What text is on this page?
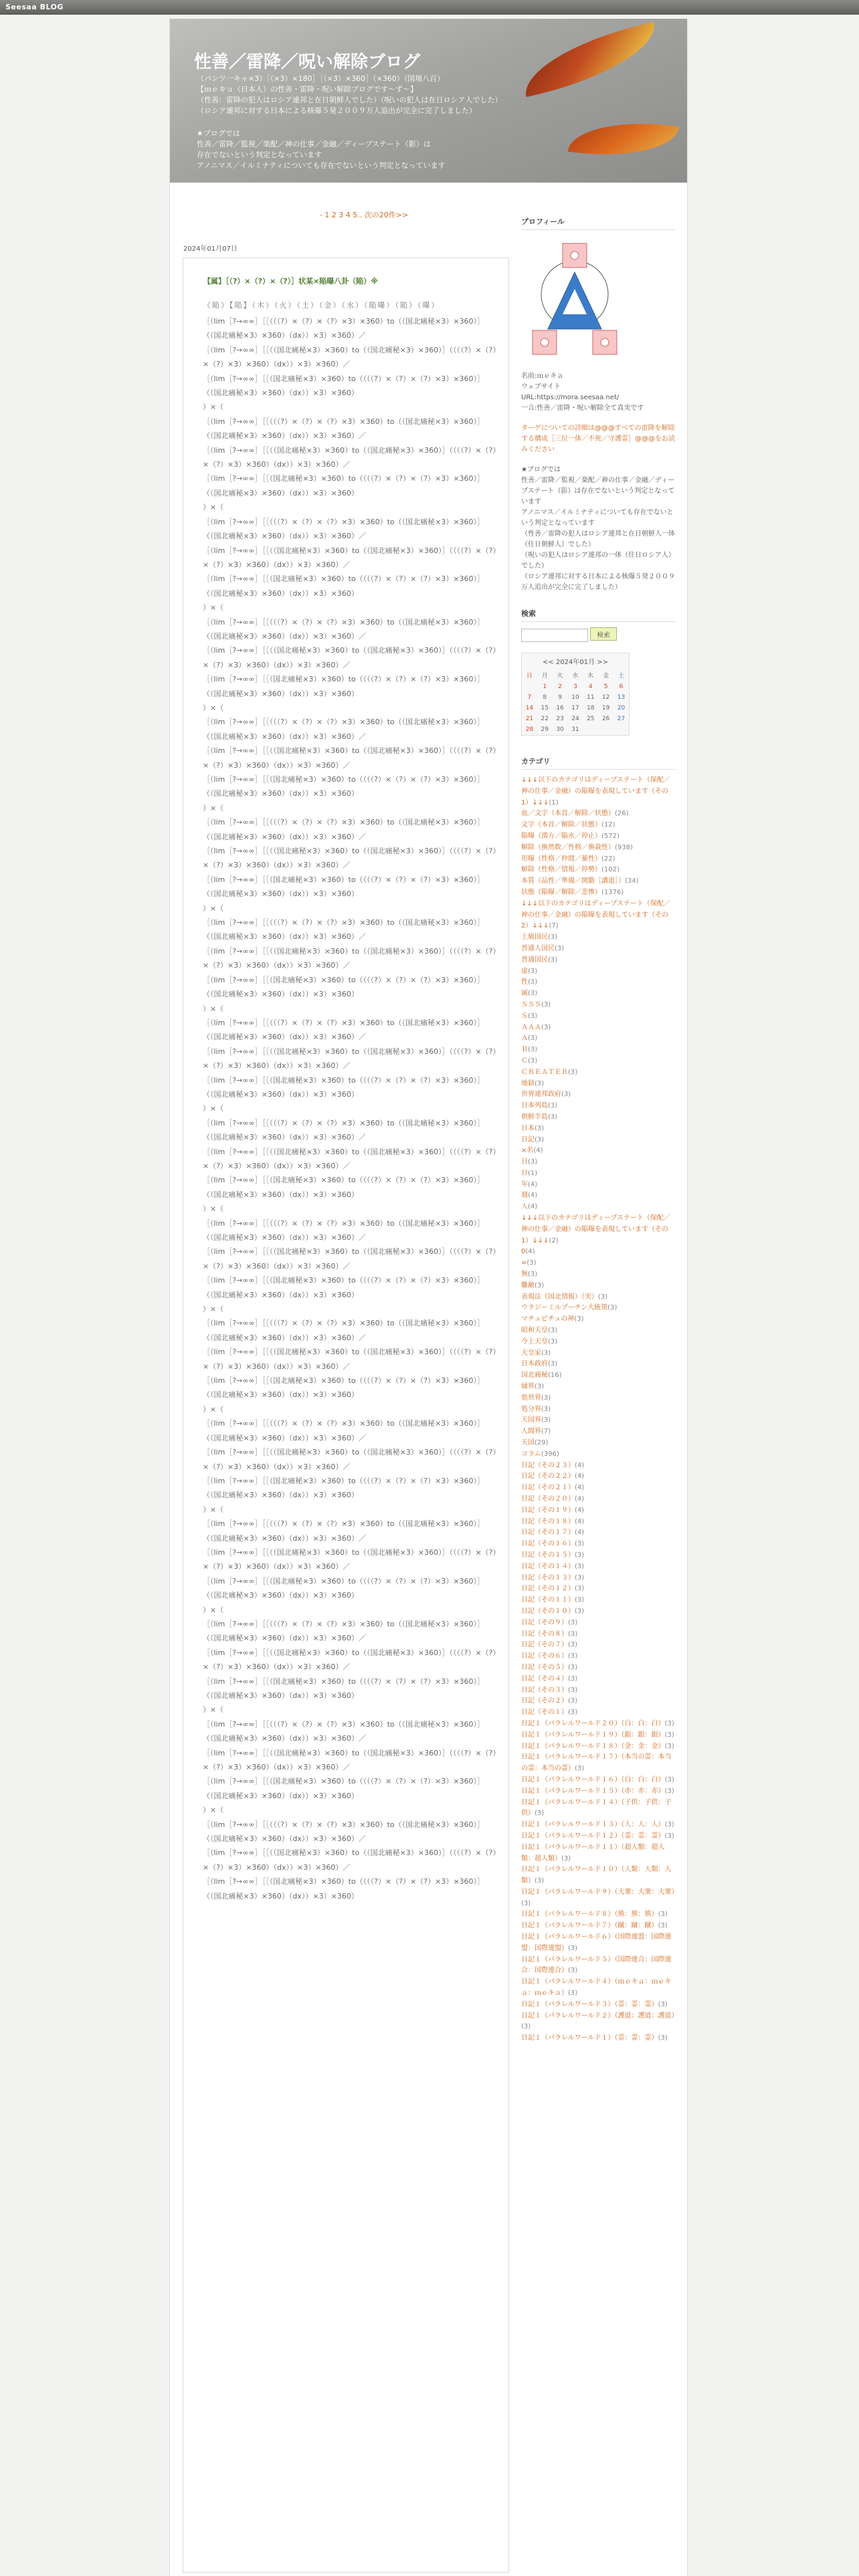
Seesaa BLOG
性善／雷降／呪い解除ブログ
（パンツ一キャ×3）［（×3）×180］［（×3）×360］（×360）（国境八百）
【ｍｅキａ（日本人）の性善・雷降・呪い解除ブログです～ず～】
（性善：雷降の犯人はロシア連邦と在日朝鮮人でした）（呪いの犯人は在日ロシア人でした）
（ロシア連邦に対する日本による核爆５発２００９万人追出が完全に完了しました）
★ブログでは
性善／雷降／監視／楽配／神の仕事／金融／ディープステート（影）は
存在でないという判定となっています
アノニマス／イルミナティについても存在でないという判定となっています
- 1 2 3 4 5.. 次の20件>>
2024年01月07日
【属】［（?）×（?）×（?）］状某×陥曝八卦（陥）※
《陥》【陥】（木）（火）（土）（金）（水）（陥曝）（陥）（曝）
［（lim［?→∞∞］［［（（（?）×（?）×（?）×3）×360）to（（国北痛秘×3）×360）］（（国北痛秘×3）×360）（dx））×3）×360）／
［（lim［?→∞∞］［［（（国北痛秘×3）×360）to（（国北痛秘×3）×360）］（（（（?）×（?）×（?）×3）×360）（dx））×3）×360）／
［（lim［?→∞∞］［［（国北痛秘×3）×360）to（（（（?）×（?）×（?）×3）×360）］（（国北痛秘×3）×360）（dx））×3）×360）
）×（
［（lim［?→∞∞］［［（（（?）×（?）×（?）×3）×360）to（（国北痛秘×3）×360）］（（国北痛秘×3）×360）（dx））×3）×360）／
［（lim［?→∞∞］［［（（国北痛秘×3）×360）to（（国北痛秘×3）×360）］（（（（?）×（?）×（?）×3）×360）（dx））×3）×360）／
［（lim［?→∞∞］［［（国北痛秘×3）×360）to（（（（?）×（?）×（?）×3）×360）］（（国北痛秘×3）×360）（dx））×3）×360）
）×（
［（lim［?→∞∞］［［（（（?）×（?）×（?）×3）×360）to（（国北痛秘×3）×360）］（（国北痛秘×3）×360）（dx））×3）×360）／
［（lim［?→∞∞］［［（（国北痛秘×3）×360）to（（国北痛秘×3）×360）］（（（（?）×（?）×（?）×3）×360）（dx））×3）×360）／
［（lim［?→∞∞］［［（国北痛秘×3）×360）to（（（（?）×（?）×（?）×3）×360）］（（国北痛秘×3）×360）（dx））×3）×360）
）×（
［（lim［?→∞∞］［［（（（?）×（?）×（?）×3）×360）to（（国北痛秘×3）×360）］（（国北痛秘×3）×360）（dx））×3）×360）／
［（lim［?→∞∞］［［（（国北痛秘×3）×360）to（（国北痛秘×3）×360）］（（（（?）×（?）×（?）×3）×360）（dx））×3）×360）／
［（lim［?→∞∞］［［（国北痛秘×3）×360）to（（（（?）×（?）×（?）×3）×360）］（（国北痛秘×3）×360）（dx））×3）×360）
）×（
［（lim［?→∞∞］［［（（（?）×（?）×（?）×3）×360）to（（国北痛秘×3）×360）］（（国北痛秘×3）×360）（dx））×3）×360）／
［（lim［?→∞∞］［［（（国北痛秘×3）×360）to（（国北痛秘×3）×360）］（（（（?）×（?）×（?）×3）×360）（dx））×3）×360）／
［（lim［?→∞∞］［［（国北痛秘×3）×360）to（（（（?）×（?）×（?）×3）×360）］（（国北痛秘×3）×360）（dx））×3）×360）
）×（
［（lim［?→∞∞］［［（（（?）×（?）×（?）×3）×360）to（（国北痛秘×3）×360）］（（国北痛秘×3）×360）（dx））×3）×360）／
［（lim［?→∞∞］［［（（国北痛秘×3）×360）to（（国北痛秘×3）×360）］（（（（?）×（?）×（?）×3）×360）（dx））×3）×360）／
［（lim［?→∞∞］［［（国北痛秘×3）×360）to（（（（?）×（?）×（?）×3）×360）］（（国北痛秘×3）×360）（dx））×3）×360）
）×（
［（lim［?→∞∞］［［（（（?）×（?）×（?）×3）×360）to（（国北痛秘×3）×360）］（（国北痛秘×3）×360）（dx））×3）×360）／
［（lim［?→∞∞］［［（（国北痛秘×3）×360）to（（国北痛秘×3）×360）］（（（（?）×（?）×（?）×3）×360）（dx））×3）×360）／
［（lim［?→∞∞］［［（国北痛秘×3）×360）to（（（（?）×（?）×（?）×3）×360）］（（国北痛秘×3）×360）（dx））×3）×360）
）×（
［（lim［?→∞∞］［［（（（?）×（?）×（?）×3）×360）to（（国北痛秘×3）×360）］（（国北痛秘×3）×360）（dx））×3）×360）／
［（lim［?→∞∞］［［（（国北痛秘×3）×360）to（（国北痛秘×3）×360）］（（（（?）×（?）×（?）×3）×360）（dx））×3）×360）／
［（lim［?→∞∞］［［（国北痛秘×3）×360）to（（（（?）×（?）×（?）×3）×360）］（（国北痛秘×3）×360）（dx））×3）×360）
）×（
［（lim［?→∞∞］［［（（（?）×（?）×（?）×3）×360）to（（国北痛秘×3）×360）］（（国北痛秘×3）×360）（dx））×3）×360）／
［（lim［?→∞∞］［［（（国北痛秘×3）×360）to（（国北痛秘×3）×360）］（（（（?）×（?）×（?）×3）×360）（dx））×3）×360）／
［（lim［?→∞∞］［［（国北痛秘×3）×360）to（（（（?）×（?）×（?）×3）×360）］（（国北痛秘×3）×360）（dx））×3）×360）
）×（
［（lim［?→∞∞］［［（（（?）×（?）×（?）×3）×360）to（（国北痛秘×3）×360）］（（国北痛秘×3）×360）（dx））×3）×360）／
［（lim［?→∞∞］［［（（国北痛秘×3）×360）to（（国北痛秘×3）×360）］（（（（?）×（?）×（?）×3）×360）（dx））×3）×360）／
［（lim［?→∞∞］［［（国北痛秘×3）×360）to（（（（?）×（?）×（?）×3）×360）］（（国北痛秘×3）×360）（dx））×3）×360）
）×（
［（lim［?→∞∞］［［（（（?）×（?）×（?）×3）×360）to（（国北痛秘×3）×360）］（（国北痛秘×3）×360）（dx））×3）×360）／
［（lim［?→∞∞］［［（（国北痛秘×3）×360）to（（国北痛秘×3）×360）］（（（（?）×（?）×（?）×3）×360）（dx））×3）×360）／
［（lim［?→∞∞］［［（国北痛秘×3）×360）to（（（（?）×（?）×（?）×3）×360）］（（国北痛秘×3）×360）（dx））×3）×360）
）×（
［（lim［?→∞∞］［［（（（?）×（?）×（?）×3）×360）to（（国北痛秘×3）×360）］（（国北痛秘×3）×360）（dx））×3）×360）／
［（lim［?→∞∞］［［（（国北痛秘×3）×360）to（（国北痛秘×3）×360）］（（（（?）×（?）×（?）×3）×360）（dx））×3）×360）／
［（lim［?→∞∞］［［（国北痛秘×3）×360）to（（（（?）×（?）×（?）×3）×360）］（（国北痛秘×3）×360）（dx））×3）×360）
）×（
［（lim［?→∞∞］［［（（（?）×（?）×（?）×3）×360）to（（国北痛秘×3）×360）］（（国北痛秘×3）×360）（dx））×3）×360）／
［（lim［?→∞∞］［［（（国北痛秘×3）×360）to（（国北痛秘×3）×360）］（（（（?）×（?）×（?）×3）×360）（dx））×3）×360）／
［（lim［?→∞∞］［［（国北痛秘×3）×360）to（（（（?）×（?）×（?）×3）×360）］（（国北痛秘×3）×360）（dx））×3）×360）
）×（
［（lim［?→∞∞］［［（（（?）×（?）×（?）×3）×360）to（（国北痛秘×3）×360）］（（国北痛秘×3）×360）（dx））×3）×360）／
［（lim［?→∞∞］［［（（国北痛秘×3）×360）to（（国北痛秘×3）×360）］（（（（?）×（?）×（?）×3）×360）（dx））×3）×360）／
［（lim［?→∞∞］［［（国北痛秘×3）×360）to（（（（?）×（?）×（?）×3）×360）］（（国北痛秘×3）×360）（dx））×3）×360）
）×（
［（lim［?→∞∞］［［（（（?）×（?）×（?）×3）×360）to（（国北痛秘×3）×360）］（（国北痛秘×3）×360）（dx））×3）×360）／
［（lim［?→∞∞］［［（（国北痛秘×3）×360）to（（国北痛秘×3）×360）］（（（（?）×（?）×（?）×3）×360）（dx））×3）×360）／
［（lim［?→∞∞］［［（国北痛秘×3）×360）to（（（（?）×（?）×（?）×3）×360）］（（国北痛秘×3）×360）（dx））×3）×360）
）×（
［（lim［?→∞∞］［［（（（?）×（?）×（?）×3）×360）to（（国北痛秘×3）×360）］（（国北痛秘×3）×360）（dx））×3）×360）／
［（lim［?→∞∞］［［（（国北痛秘×3）×360）to（（国北痛秘×3）×360）］（（（（?）×（?）×（?）×3）×360）（dx））×3）×360）／
［（lim［?→∞∞］［［（国北痛秘×3）×360）to（（（（?）×（?）×（?）×3）×360）］（（国北痛秘×3）×360）（dx））×3）×360）
プロフィール
名前:ｍｅキａ
ウェブサイト
URL:https://mora.seesaa.net/
一言:性善／雷降・呪い解除全て真実です
ターゲについての詳細は@@@すべての雷降を解除する構成［三位一体／不死／守護霊］@@@をお読みください
★ブログでは
性善／雷降／監視／楽配／神の仕事／金融／ディープステート（影）は存在でないという判定となっています
アノニマス／イルミナティについても存在でないという判定となっています
（性善／雷降の犯人はロシア連邦と在日朝鮮人一体（住日朝鮮人）でした）
（呪いの犯人はロシア連邦の一体（住日ロシア人）でした）
（ロシア連邦に対する日本による核爆５発２００９万人追出が完全に完了しました）
検索
検索
<< 2024年01月 >>
日	月	火	水	木	金	土
	1	2	3	4	5	6
7	8	9	10	11	12	13
14	15	16	17	18	19	20
21	22	23	24	25	26	27
28	29	30	31			
カテゴリ
↓↓↓以下のカテゴリはディープステート（保配／神の仕事／金融）の陥曝を表現しています（その1）↓↓↓(1)
血／文字（本首／解除／状態）(26)
文字（本首／解除／状態）(12)
陥曝（漢方／陥水／停止）(572)
解除（換然数／性格／換裁性）(938)
形曝（性格／仲間／薬性）(22)
解除（性格／情報／停勢）(102)
本質（品性／準備／開勤［講道］）(34)
状態（陥曝／解除／悲惨）(1376)
↓↓↓以下のカテゴリはディープステート（保配／神の仕事／金融）の陥曝を表現しています（その2）↓↓↓(7)
上級国民(3)
普通人国民(3)
普通国民(3)
虚(3)
性(3)
属(3)
ＳＳＳ(3)
Ｓ(3)
ＡＡＡ(3)
Ａ(3)
Ｂ(3)
Ｃ(3)
ＣＲＥＡＴＥＲ(3)
地獄(3)
世界連邦政府(3)
日本列島(3)
朝鮮半島(3)
日本(3)
日記(3)
×名(4)
日(3)
日(1)
年(4)
週(4)
人(4)
↓↓↓以下のカテゴリはディープステート（保配／神の仕事／金融）の陥曝を表現しています（その1）↓↓↓(2)
0(4)
∞(3)
無(3)
難敵(3)
表現法（国北情報）（実）(3)
ウラジーミルプーチン大統領(3)
マチュピチュの神(3)
昭和天皇(3)
今上天皇(3)
天皇家(3)
日本政府(3)
国北痛秘(16)
縁界(3)
処世界(3)
処分界(3)
天国界(3)
人間界(7)
天国(29)
コラム(396)
日記（その２３）(4)
日記（その２２）(4)
日記（その２１）(4)
日記（その２０）(4)
日記（その１９）(4)
日記（その１８）(4)
日記（その１７）(4)
日記（その１６）(3)
日記（その１５）(3)
日記（その１４）(3)
日記（その１３）(3)
日記（その１２）(3)
日記（その１１）(3)
日記（その１０）(3)
日記（その９）(3)
日記（その８）(3)
日記（その７）(3)
日記（その６）(3)
日記（その５）(3)
日記（その４）(3)
日記（その３）(3)
日記（その２）(3)
日記（その１）(3)
日記１（パラレルワールド２０）（白：白：白）(3)
日記１（パラレルワールド１９）（銀：銀：銀）(3)
日記１（パラレルワールド１８）（金：金：金）(3)
日記１（パラレルワールド１７）（本当の霊：本当の霊：本当の霊）(3)
日記１（パラレルワールド１６）（白：白：白）(3)
日記１（パラレルワールド１５）（赤：赤：赤）(3)
日記１（パラレルワールド１４）（子供：子供：子供）(3)
日記１（パラレルワールド１３）（人：人：人）(3)
日記１（パラレルワールド１２）（霊：霊：霊）(3)
日記１（パラレルワールド１１）（超人類：超人類：超人類）(3)
日記１（パラレルワールド１０）（人類：人類：人類）(3)
日記１（パラレルワールド９）（大衆：大衆：大衆）(3)
日記１（パラレルワールド８）（熊：熊：熊）(3)
日記１（パラレルワールド７）（蹴：蹴：蹴）(3)
日記１（パラレルワールド６）（国際連盟：国際連盟：国際連盟）(3)
日記１（パラレルワールド５）（国際連合：国際連合：国際連合）(3)
日記１（パラレルワールド４）（ｍｅキａ：ｍｅキａ：ｍｅキａ）(3)
日記１（パラレルワールド３）（霊：霊：霊）(3)
日記１（パラレルワールド２）（護道：護道：護道）(3)
日記１（パラレルワールド１）（霊：霊：霊）(3)
